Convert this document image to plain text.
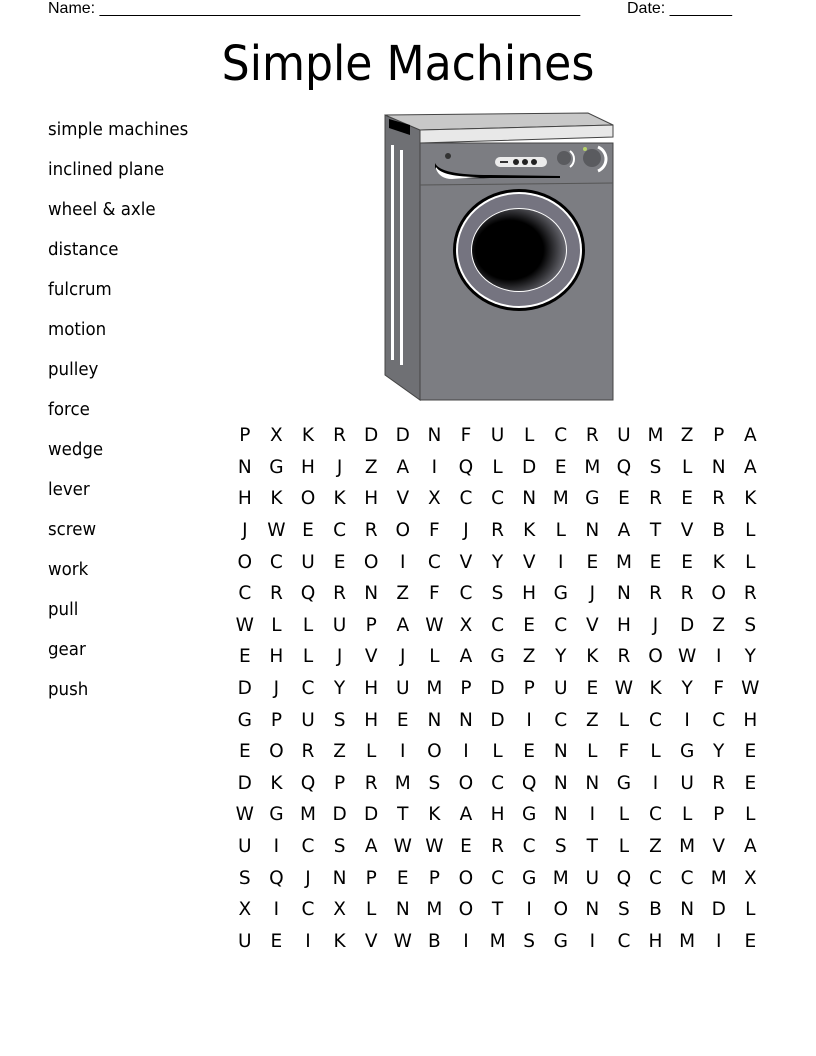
Name: ______________________________________________________	Date: _______
Simple Machines
simple machines
inclined plane
wheel & axle
distance
fulcrum
motion
pulley
force
wedge
lever
screw
work
pull
gear
push
P	X	K	R	D	D	N	F	U	L	C	R	U	M	Z	P	A
N	G	H	J	Z	A	I	Q	L	D	E	M	Q	S	L	N	A
H	K	O	K	H	V	X	C	C	N	M	G	E	R	E	R	K
J	W	E	C	R	O	F	J	R	K	L	N	A	T	V	B	L
O	C	U	E	O	I	C	V	Y	V	I	E	M	E	E	K	L
C	R	Q	R	N	Z	F	C	S	H	G	J	N	R	R	O	R
W	L	L	U	P	A	W	X	C	E	C	V	H	J	D	Z	S
E	H	L	J	V	J	L	A	G	Z	Y	K	R	O	W	I	Y
D	J	C	Y	H	U	M	P	D	P	U	E	W	K	Y	F	W
G	P	U	S	H	E	N	N	D	I	C	Z	L	C	I	C	H
E	O	R	Z	L	I	O	I	L	E	N	L	F	L	G	Y	E
D	K	Q	P	R	M	S	O	C	Q	N	N	G	I	U	R	E
W	G	M	D	D	T	K	A	H	G	N	I	L	C	L	P	L
U	I	C	S	A	W	W	E	R	C	S	T	L	Z	M	V	A
S	Q	J	N	P	E	P	O	C	G	M	U	Q	C	C	M	X
X	I	C	X	L	N	M	O	T	I	O	N	S	B	N	D	L
U	E	I	K	V	W	B	I	M	S	G	I	C	H	M	I	E
